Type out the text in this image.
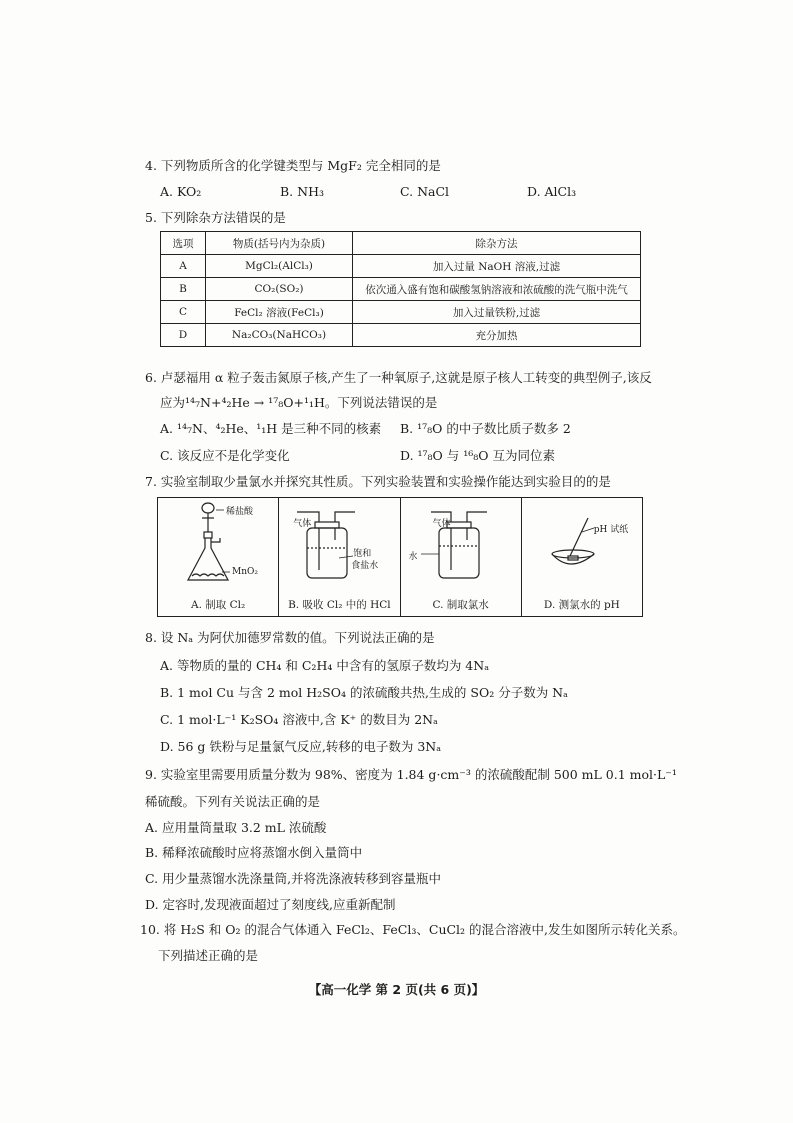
4. 下列物质所含的化学键类型与 MgF₂ 完全相同的是
A. KO₂	B. NH₃	C. NaCl	D. AlCl₃
5. 下列除杂方法错误的是
选项	物质(括号内为杂质)	除杂方法
A	MgCl₂(AlCl₃)	加入过量 NaOH 溶液,过滤
B	CO₂(SO₂)	依次通入盛有饱和碳酸氢钠溶液和浓硫酸的洗气瓶中洗气
C	FeCl₂ 溶液(FeCl₃)	加入过量铁粉,过滤
D	Na₂CO₃(NaHCO₃)	充分加热
6. 卢瑟福用 α 粒子轰击氮原子核,产生了一种氧原子,这就是原子核人工转变的典型例子,该反
应为¹⁴₇N+⁴₂He → ¹⁷₈O+¹₁H。下列说法错误的是
A. ¹⁴₇N、⁴₂He、¹₁H 是三种不同的核素 B. ¹⁷₈O 的中子数比质子数多 2
C. 该反应不是化学变化	D. ¹⁷₈O 与 ¹⁶₈O 互为同位素
7. 实验室制取少量氯水并探究其性质。下列实验装置和实验操作能达到实验目的的是
稀盐酸
MnO₂
A. 制取 Cl₂
气体
饱和
食盐水
B. 吸收 Cl₂ 中的 HCl
气体
水
C. 制取氯水
pH 试纸
D. 测氯水的 pH
8. 设 Nₐ 为阿伏加德罗常数的值。下列说法正确的是
A. 等物质的量的 CH₄ 和 C₂H₄ 中含有的氢原子数均为 4Nₐ
B. 1 mol Cu 与含 2 mol H₂SO₄ 的浓硫酸共热,生成的 SO₂ 分子数为 Nₐ
C. 1 mol·L⁻¹ K₂SO₄ 溶液中,含 K⁺ 的数目为 2Nₐ
D. 56 g 铁粉与足量氯气反应,转移的电子数为 3Nₐ
9. 实验室里需要用质量分数为 98%、密度为 1.84 g·cm⁻³ 的浓硫酸配制 500 mL 0.1 mol·L⁻¹
稀硫酸。下列有关说法正确的是
A. 应用量筒量取 3.2 mL 浓硫酸
B. 稀释浓硫酸时应将蒸馏水倒入量筒中
C. 用少量蒸馏水洗涤量筒,并将洗涤液转移到容量瓶中
D. 定容时,发现液面超过了刻度线,应重新配制
10. 将 H₂S 和 O₂ 的混合气体通入 FeCl₂、FeCl₃、CuCl₂ 的混合溶液中,发生如图所示转化关系。
下列描述正确的是
【高一化学 第 2 页(共 6 页)】
